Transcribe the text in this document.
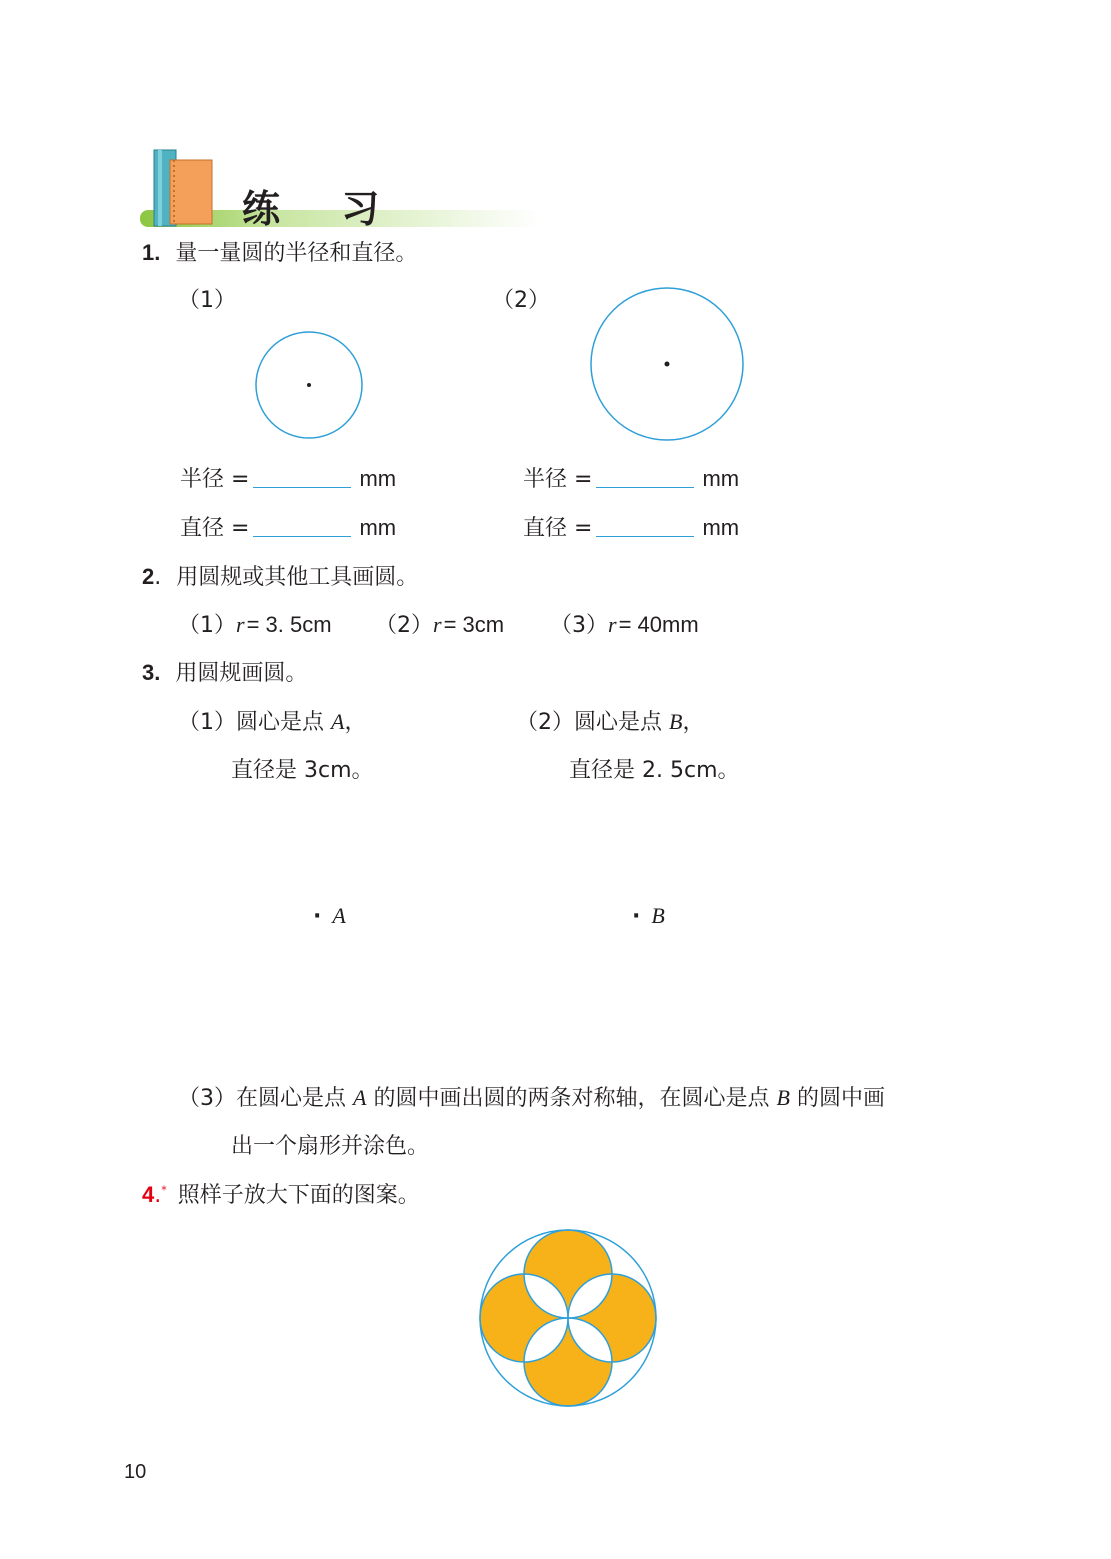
练 习
1. 量一量圆的半径和直径。
（1）	（2）
半径 =	mm
直径 =	mm
半径 =	mm
直径 =	mm
2. 用圆规或其他工具画圆。
（1）r= 3. 5cm （2）r= 3cm （3）r= 40mm
3. 用圆规画圆。
（1）圆心是点 A，
直径是 3cm。
（2）圆心是点 B，
直径是 2. 5cm。
· A	· B
（3）在圆心是点 A 的圆中画出圆的两条对称轴，在圆心是点 B 的圆中画
出一个扇形并涂色。
4.* 照样子放大下面的图案。
10
